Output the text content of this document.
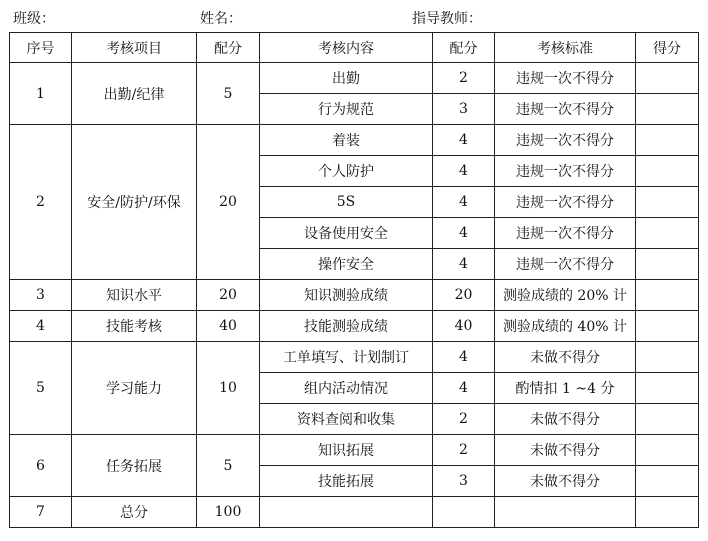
班级：	姓名：	指导教师：
序号	考核项目	配分	考核内容	配分	考核标准	得分
1	出勤/纪律	5	出勤	2	违规一次不得分	
			行为规范	3	违规一次不得分	
2	安全/防护/环保	20	着装	4	违规一次不得分	
			个人防护	4	违规一次不得分	
			5S	4	违规一次不得分	
			设备使用安全	4	违规一次不得分	
			操作安全	4	违规一次不得分	
3	知识水平	20	知识测验成绩	20	测验成绩的 20% 计	
4	技能考核	40	技能测验成绩	40	测验成绩的 40% 计	
5	学习能力	10	工单填写、计划制订	4	未做不得分	
			组内活动情况	4	酌情扣 1 ~4 分	
			资料查阅和收集	2	未做不得分	
6	任务拓展	5	知识拓展	2	未做不得分	
			技能拓展	3	未做不得分	
7	总分	100				
